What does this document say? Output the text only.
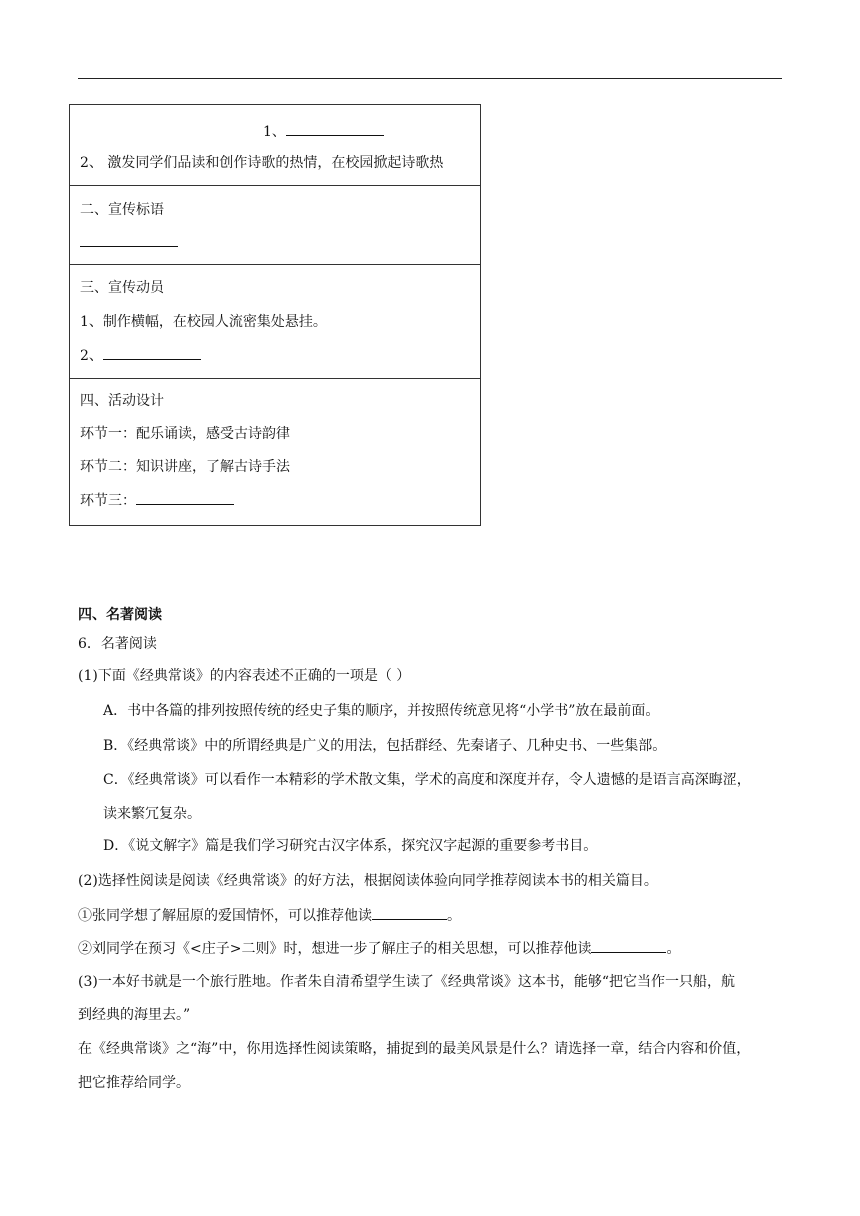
1、
2、 激发同学们品读和创作诗歌的热情，在校园掀起诗歌热
二、宣传标语
三、宣传动员
1、制作横幅，在校园人流密集处悬挂。
2、
四、活动设计
环节一：配乐诵读，感受古诗韵律
环节二：知识讲座，了解古诗手法
环节三：
四、名著阅读
6．名著阅读
(1)下面《经典常谈》的内容表述不正确的一项是（ ）
A．书中各篇的排列按照传统的经史子集的顺序，并按照传统意见将“小学书”放在最前面。
B．《经典常谈》中的所谓经典是广义的用法，包括群经、先秦诸子、几种史书、一些集部。
C．《经典常谈》可以看作一本精彩的学术散文集，学术的高度和深度并存，令人遗憾的是语言高深晦涩，
读来繁冗复杂。
D．《说文解字》篇是我们学习研究古汉字体系，探究汉字起源的重要参考书目。
(2)选择性阅读是阅读《经典常谈》的好方法，根据阅读体验向同学推荐阅读本书的相关篇目。
①张同学想了解屈原的爱国情怀，可以推荐他读	。
②刘同学在预习《<庄子>二则》时，想进一步了解庄子的相关思想，可以推荐他读	。
(3)一本好书就是一个旅行胜地。作者朱自清希望学生读了《经典常谈》这本书，能够“把它当作一只船，航
到经典的海里去。”
在《经典常谈》之“海”中，你用选择性阅读策略，捕捉到的最美风景是什么？请选择一章，结合内容和价值，
把它推荐给同学。
